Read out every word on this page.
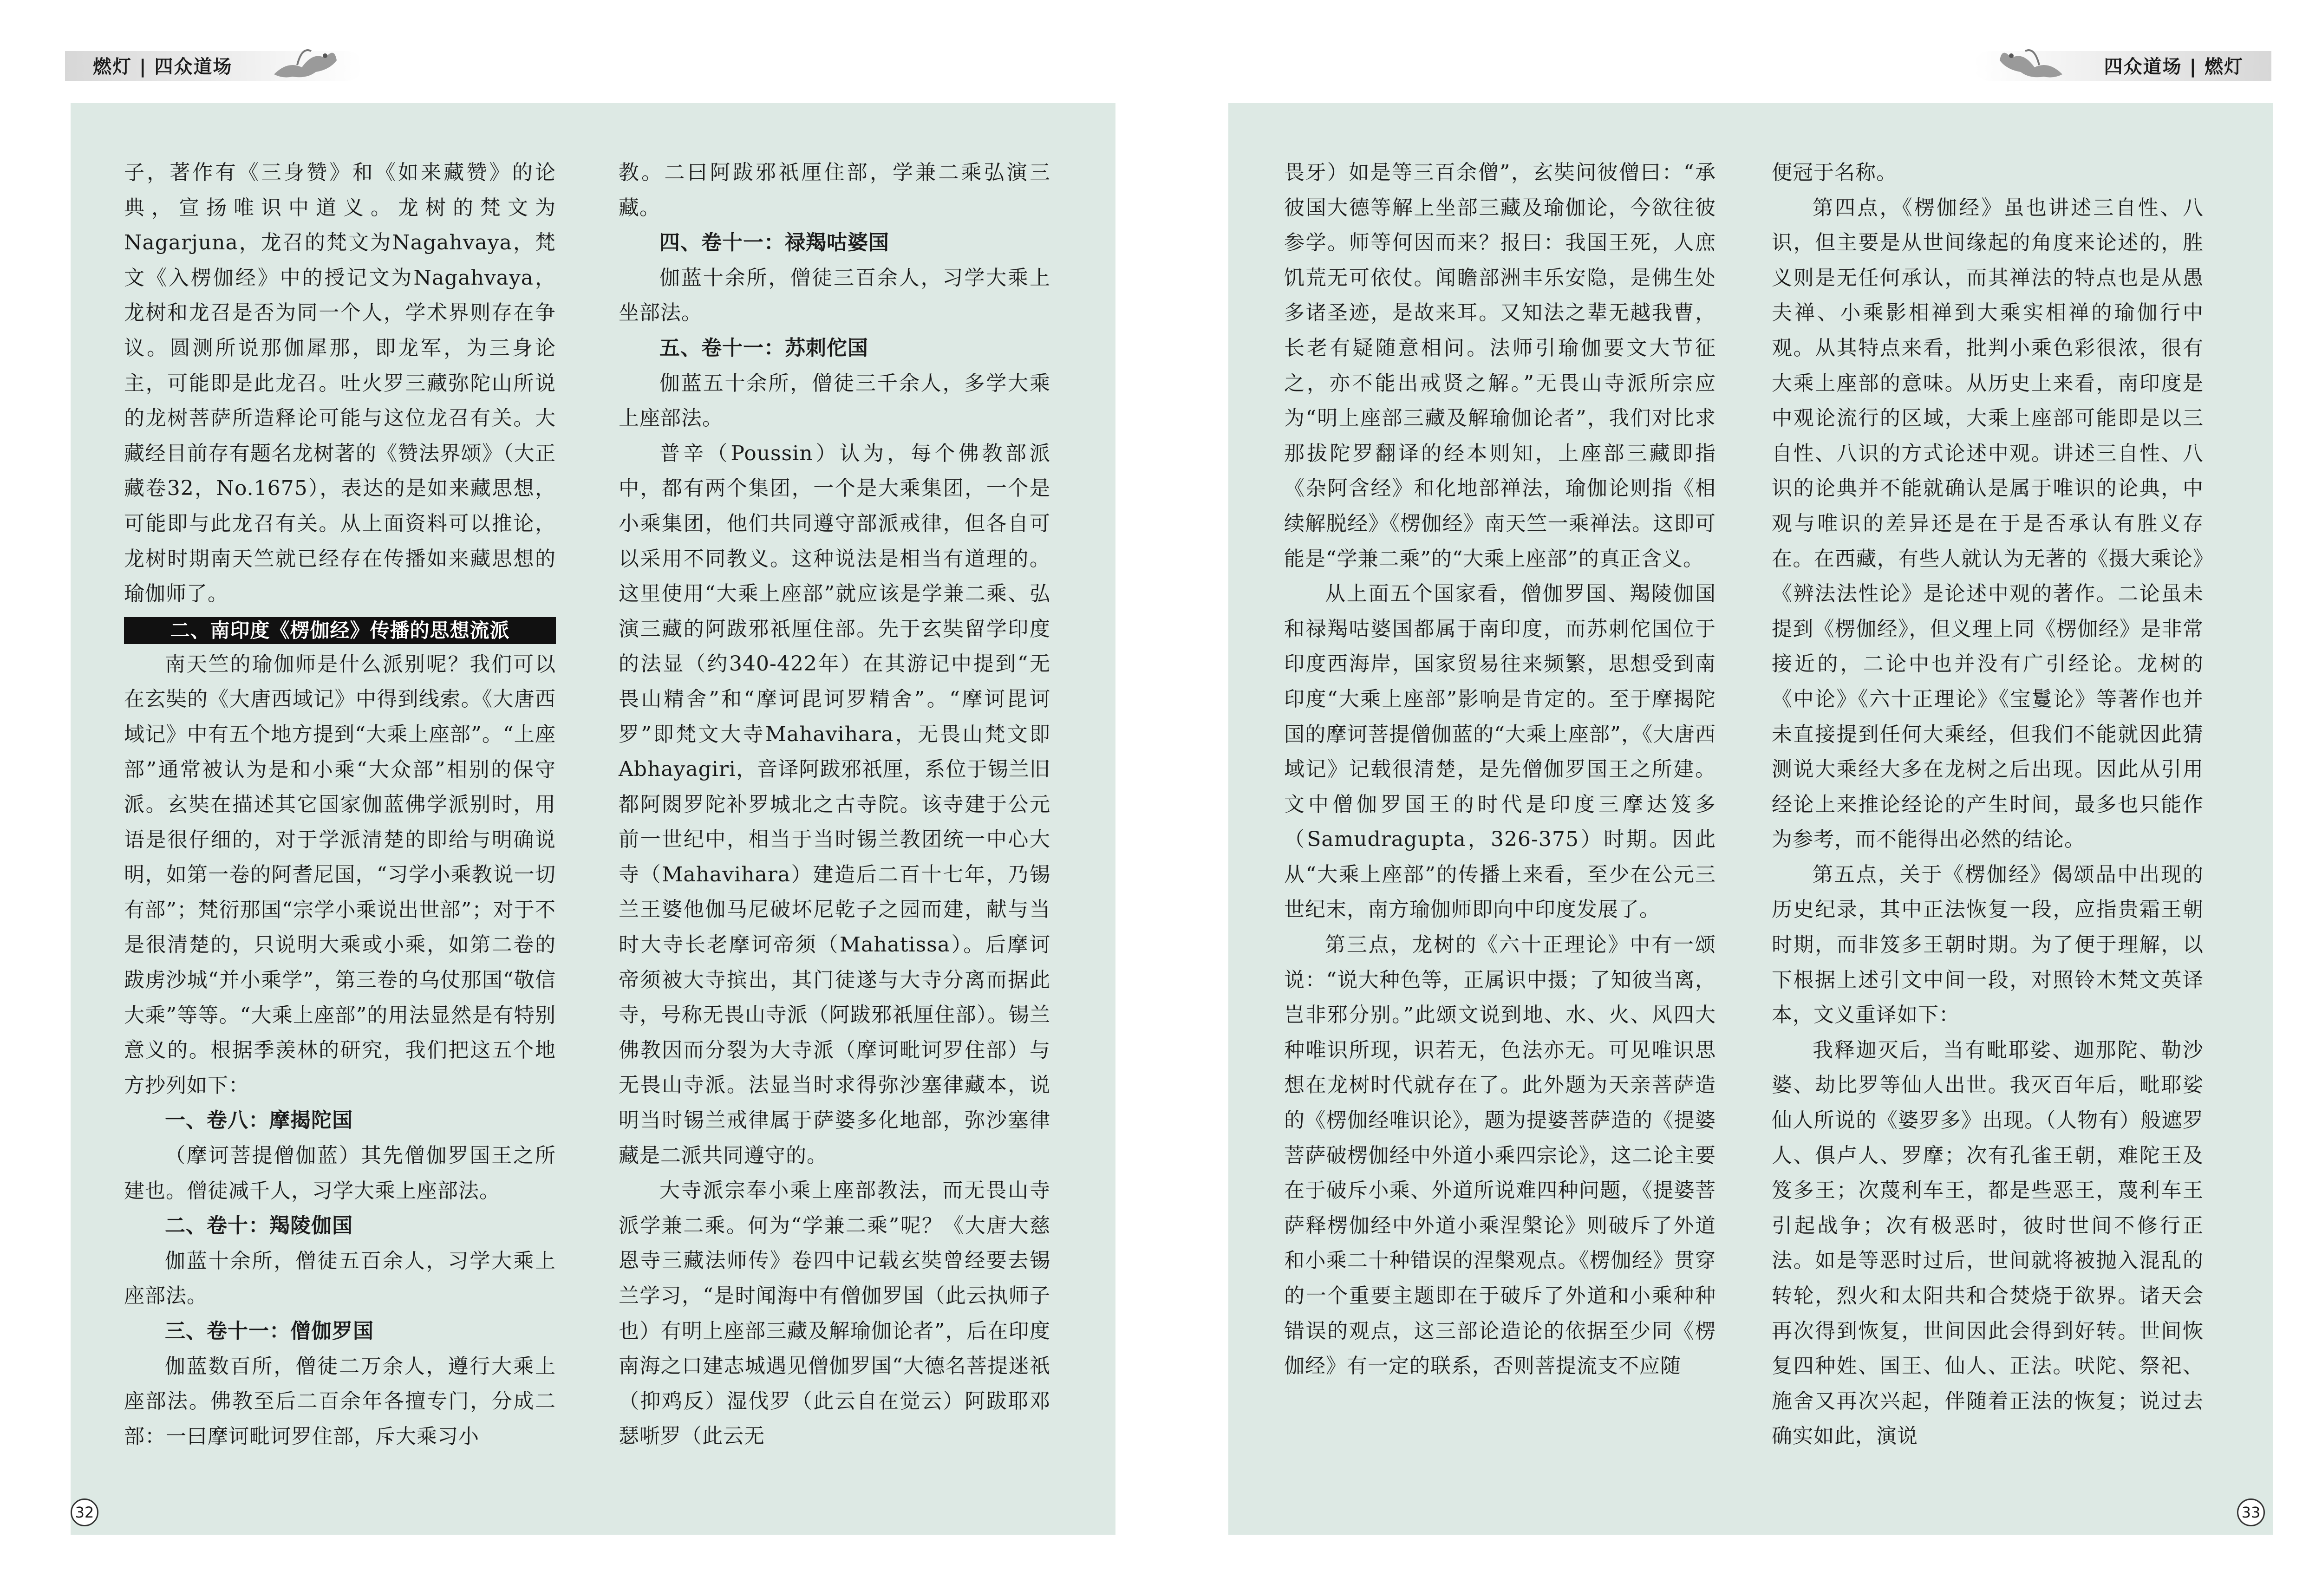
燃灯 | 四众道场	四众道场 | 燃灯

子，著作有《三身赞》和《如来藏赞》的论典，宣扬唯识中道义。龙树的梵文为Nagarjuna，龙召的梵文为Nagahvaya，梵文《入楞伽经》中的授记文为Nagahvaya，龙树和龙召是否为同一个人，学术界则存在争议。圆测所说那伽犀那，即龙军，为三身论主，可能即是此龙召。吐火罗三藏弥陀山所说的龙树菩萨所造释论可能与这位龙召有关。大藏经目前存有题名龙树著的《赞法界颂》（大正藏卷32，No.1675），表达的是如来藏思想，可能即与此龙召有关。从上面资料可以推论，龙树时期南天竺就已经存在传播如来藏思想的瑜伽师了。

二、南印度《楞伽经》传播的思想流派

南天竺的瑜伽师是什么派别呢？我们可以在玄奘的《大唐西域记》中得到线索。《大唐西域记》中有五个地方提到“大乘上座部”。“上座部”通常被认为是和小乘“大众部”相别的保守派。玄奘在描述其它国家伽蓝佛学派别时，用语是很仔细的，对于学派清楚的即给与明确说明，如第一卷的阿耆尼国，“习学小乘教说一切有部”；梵衍那国“宗学小乘说出世部”；对于不是很清楚的，只说明大乘或小乘，如第二卷的跋虏沙城“并小乘学”，第三卷的乌仗那国“敬信大乘”等等。“大乘上座部”的用法显然是有特别意义的。根据季羡林的研究，我们把这五个地方抄列如下：

一、卷八：摩揭陀国

（摩诃菩提僧伽蓝）其先僧伽罗国王之所建也。僧徒减千人，习学大乘上座部法。

二、卷十：羯陵伽国

伽蓝十余所，僧徒五百余人，习学大乘上座部法。

三、卷十一：僧伽罗国

伽蓝数百所，僧徒二万余人，遵行大乘上座部法。佛教至后二百余年各擅专门，分成二部：一曰摩诃毗诃罗住部，斥大乘习小

教。二曰阿跋邪祇厘住部，学兼二乘弘演三藏。

四、卷十一：禄羯咕婆国

伽蓝十余所，僧徒三百余人，习学大乘上坐部法。

五、卷十一：苏刺佗国

伽蓝五十余所，僧徒三千余人，多学大乘上座部法。

普辛（Poussin）认为，每个佛教部派中，都有两个集团，一个是大乘集团，一个是小乘集团，他们共同遵守部派戒律，但各自可以采用不同教义。这种说法是相当有道理的。这里使用“大乘上座部”就应该是学兼二乘、弘演三藏的阿跋邪祇厘住部。先于玄奘留学印度的法显（约340-422年）在其游记中提到“无畏山精舍”和“摩诃毘诃罗精舍”。“摩诃毘诃罗”即梵文大寺Mahavihara，无畏山梵文即Abhayagiri，音译阿跋邪祇厘，系位于锡兰旧都阿閦罗陀补罗城北之古寺院。该寺建于公元前一世纪中，相当于当时锡兰教团统一中心大寺（Mahavihara）建造后二百十七年，乃锡兰王婆他伽马尼破坏尼乾子之园而建，献与当时大寺长老摩诃帝须（Mahatissa）。后摩诃帝须被大寺摈出，其门徒遂与大寺分离而据此寺，号称无畏山寺派（阿跋邪祇厘住部）。锡兰佛教因而分裂为大寺派（摩诃毗诃罗住部）与无畏山寺派。法显当时求得弥沙塞律藏本，说明当时锡兰戒律属于萨婆多化地部，弥沙塞律藏是二派共同遵守的。

大寺派宗奉小乘上座部教法，而无畏山寺派学兼二乘。何为“学兼二乘”呢？《大唐大慈恩寺三藏法师传》卷四中记载玄奘曾经要去锡兰学习，“是时闻海中有僧伽罗国（此云执师子也）有明上座部三藏及解瑜伽论者”，后在印度南海之口建志城遇见僧伽罗国“大德名菩提迷祇（抑鸡反）湿伐罗（此云自在觉云）阿跋耶邓瑟哳罗（此云无

32

畏牙）如是等三百余僧”，玄奘问彼僧曰：“承彼国大德等解上坐部三藏及瑜伽论，今欲往彼参学。师等何因而来？报曰：我国王死，人庶饥荒无可依仗。闻瞻部洲丰乐安隐，是佛生处多诸圣迹，是故来耳。又知法之辈无越我曹，长老有疑随意相问。法师引瑜伽要文大节征之，亦不能出戒贤之解。”无畏山寺派所宗应为“明上座部三藏及解瑜伽论者”，我们对比求那拔陀罗翻译的经本则知，上座部三藏即指《杂阿含经》和化地部禅法，瑜伽论则指《相续解脱经》《楞伽经》南天竺一乘禅法。这即可能是“学兼二乘”的“大乘上座部”的真正含义。

从上面五个国家看，僧伽罗国、羯陵伽国和禄羯咕婆国都属于南印度，而苏刺佗国位于印度西海岸，国家贸易往来频繁，思想受到南印度“大乘上座部”影响是肯定的。至于摩揭陀国的摩诃菩提僧伽蓝的“大乘上座部”，《大唐西域记》记载很清楚，是先僧伽罗国王之所建。文中僧伽罗国王的时代是印度三摩达笈多（Samudragupta，326-375）时期。因此从“大乘上座部”的传播上来看，至少在公元三世纪末，南方瑜伽师即向中印度发展了。

第三点，龙树的《六十正理论》中有一颂说：“说大种色等，正属识中摄；了知彼当离，岂非邪分别。”此颂文说到地、水、火、风四大种唯识所现，识若无，色法亦无。可见唯识思想在龙树时代就存在了。此外题为天亲菩萨造的《楞伽经唯识论》，题为提婆菩萨造的《提婆菩萨破楞伽经中外道小乘四宗论》，这二论主要在于破斥小乘、外道所说难四种问题，《提婆菩萨释楞伽经中外道小乘涅槃论》则破斥了外道和小乘二十种错误的涅槃观点。《楞伽经》贯穿的一个重要主题即在于破斥了外道和小乘种种错误的观点，这三部论造论的依据至少同《楞伽经》有一定的联系，否则菩提流支不应随

便冠于名称。

第四点，《楞伽经》虽也讲述三自性、八识，但主要是从世间缘起的角度来论述的，胜义则是无任何承认，而其禅法的特点也是从愚夫禅、小乘影相禅到大乘实相禅的瑜伽行中观。从其特点来看，批判小乘色彩很浓，很有大乘上座部的意味。从历史上来看，南印度是中观论流行的区域，大乘上座部可能即是以三自性、八识的方式论述中观。讲述三自性、八识的论典并不能就确认是属于唯识的论典，中观与唯识的差异还是在于是否承认有胜义存在。在西藏，有些人就认为无著的《摄大乘论》《辨法法性论》是论述中观的著作。二论虽未提到《楞伽经》，但义理上同《楞伽经》是非常接近的，二论中也并没有广引经论。龙树的《中论》《六十正理论》《宝鬘论》等著作也并未直接提到任何大乘经，但我们不能就因此猜测说大乘经大多在龙树之后出现。因此从引用经论上来推论经论的产生时间，最多也只能作为参考，而不能得出必然的结论。

第五点，关于《楞伽经》偈颂品中出现的历史纪录，其中正法恢复一段，应指贵霜王朝时期，而非笈多王朝时期。为了便于理解，以下根据上述引文中间一段，对照铃木梵文英译本，文义重译如下：

我释迦灭后，当有毗耶娑、迦那陀、勒沙婆、劫比罗等仙人出世。我灭百年后，毗耶娑仙人所说的《婆罗多》出现。（人物有）般遮罗人、俱卢人、罗摩；次有孔雀王朝，难陀王及笈多王；次蔑利车王，都是些恶王，蔑利车王引起战争；次有极恶时，彼时世间不修行正法。如是等恶时过后，世间就将被抛入混乱的转轮，烈火和太阳共和合焚烧于欲界。诸天会再次得到恢复，世间因此会得到好转。世间恢复四种姓、国王、仙人、正法。吠陀、祭祀、施舍又再次兴起，伴随着正法的恢复；说过去确实如此，演说

33
